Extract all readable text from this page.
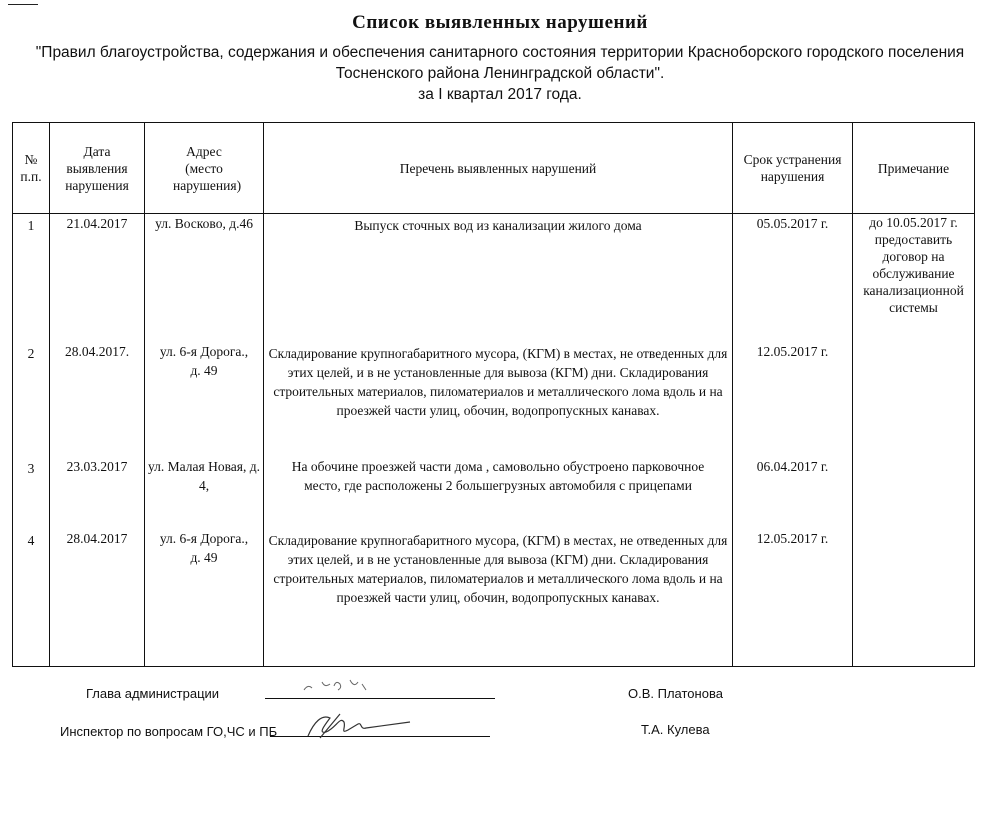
Список выявленных нарушений
"Правил благоустройства, содержания и обеспечения санитарного состояния территории Красноборского городского поселения
Тосненского района Ленинградской области".
за I квартал 2017 года.
№ п.п.	Дата выявления нарушения	Адрес (место нарушения)	Перечень выявленных нарушений	Срок устранения нарушения	Примечание

1	21.04.2017	ул. Восково, д.46	Выпуск сточных вод из канализации жилого дома	05.05.2017 г.	до 10.05.2017 г. предоставить договор на обслуживание канализационной системы

2	28.04.2017.	ул. 6-я Дорога., д. 49	Складирование крупногабаритного мусора, (КГМ) в местах, не отведенных для этих целей, и в не установленные для вывоза (КГМ) дни. Складирования строительных материалов, пиломатериалов и металлического лома вдоль и на проезжей части улиц, обочин, водопропускных канавах.	12.05.2017 г.	

3	23.03.2017	ул. Малая Новая, д. 4,	На обочине проезжей части дома , самовольно обустроено парковочное место, где расположены 2 большегрузных автомобиля с прицепами	06.04.2017 г.	

4	28.04.2017	ул. 6-я Дорога., д. 49	Складирование крупногабаритного мусора, (КГМ) в местах, не отведенных для этих целей, и в не установленные для вывоза (КГМ) дни. Складирования строительных материалов, пиломатериалов и металлического лома вдоль и на проезжей части улиц, обочин, водопропускных канавах.	12.05.2017 г.	

Глава администрации	О.В. Платонова
Инспектор по вопросам ГО,ЧС и ПБ	Т.А. Кулева
